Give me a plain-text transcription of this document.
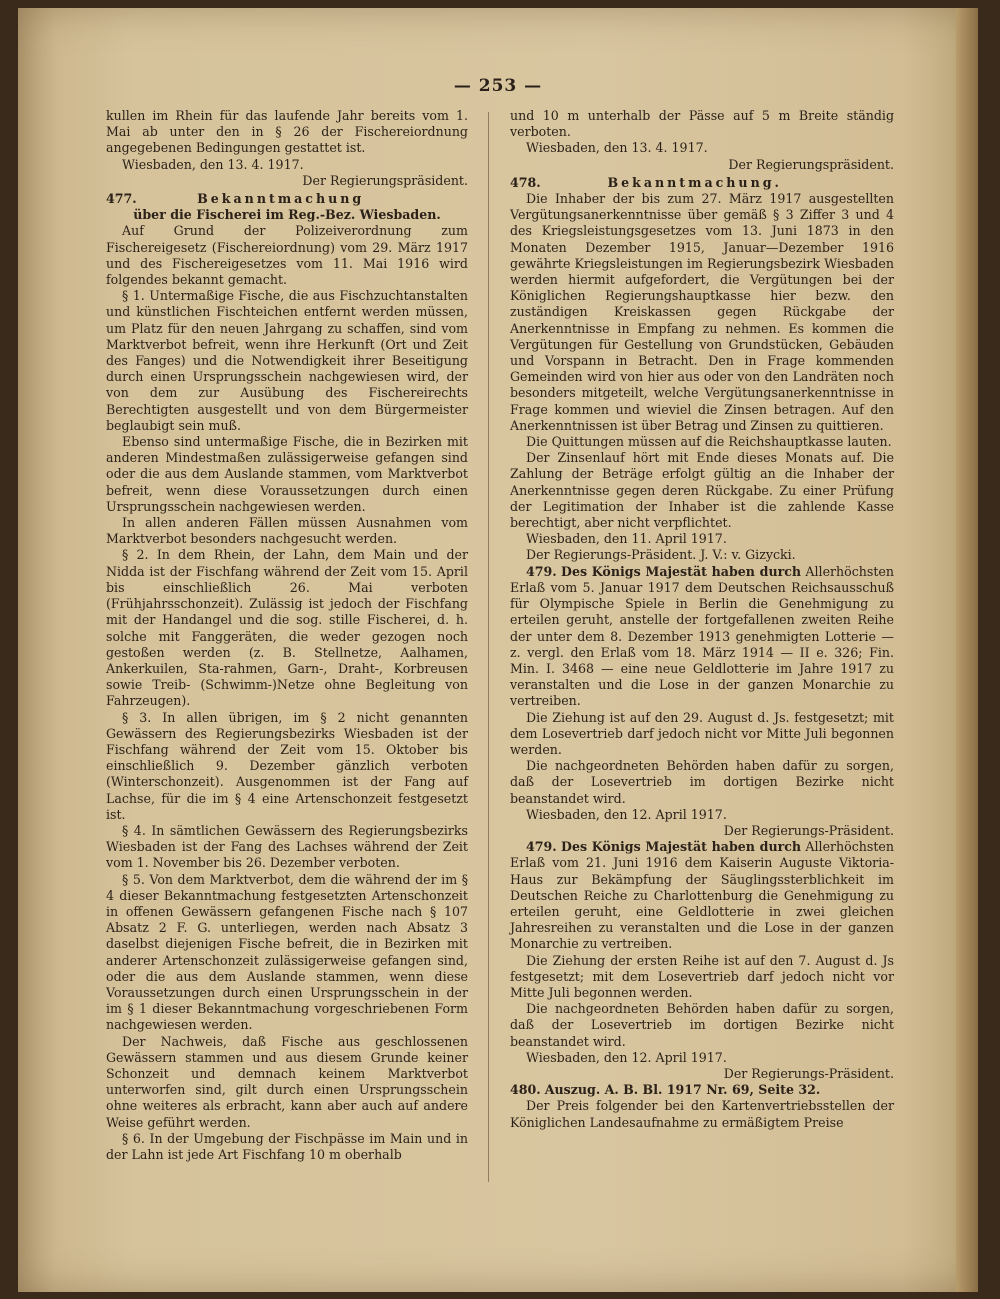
— 253 —

kullen im Rhein für das laufende Jahr bereits vom 1. Mai ab unter den in § 26 der Fischereiordnung angegebenen Bedingungen gestattet ist.

Wiesbaden, den 13. 4. 1917.

Der Regierungspräsident.

477.	Bekanntmachung

über die Fischerei im Reg.-Bez. Wiesbaden.

Auf Grund der Polizeiverordnung zum Fischereigesetz (Fischereiordnung) vom 29. März 1917 und des Fischereigesetzes vom 11. Mai 1916 wird folgendes bekannt gemacht.

§ 1. Untermaßige Fische, die aus Fischzuchtanstalten und künstlichen Fischteichen entfernt werden müssen, um Platz für den neuen Jahrgang zu schaffen, sind vom Marktverbot befreit, wenn ihre Herkunft (Ort und Zeit des Fanges) und die Notwendigkeit ihrer Beseitigung durch einen Ursprungsschein nachgewiesen wird, der von dem zur Ausübung des Fischereirechts Berechtigten ausgestellt und von dem Bürgermeister beglaubigt sein muß.

Ebenso sind untermaßige Fische, die in Bezirken mit anderen Mindestmaßen zulässigerweise gefangen sind oder die aus dem Auslande stammen, vom Marktverbot befreit, wenn diese Voraussetzungen durch einen Ursprungsschein nachgewiesen werden.

In allen anderen Fällen müssen Ausnahmen vom Marktverbot besonders nachgesucht werden.

§ 2. In dem Rhein, der Lahn, dem Main und der Nidda ist der Fischfang während der Zeit vom 15. April bis einschließlich 26. Mai verboten (Frühjahrsschonzeit). Zulässig ist jedoch der Fischfang mit der Handangel und die sog. stille Fischerei, d. h. solche mit Fanggeräten, die weder gezogen noch gestoßen werden (z. B. Stellnetze, Aalhamen, Ankerkuilen, Sta-rahmen, Garn-, Draht-, Korbreusen sowie Treib- (Schwimm-)Netze ohne Begleitung von Fahrzeugen).

§ 3. In allen übrigen, im § 2 nicht genannten Gewässern des Regierungsbezirks Wiesbaden ist der Fischfang während der Zeit vom 15. Oktober bis einschließlich 9. Dezember gänzlich verboten (Winterschonzeit). Ausgenommen ist der Fang auf Lachse, für die im § 4 eine Artenschonzeit festgesetzt ist.

§ 4. In sämtlichen Gewässern des Regierungsbezirks Wiesbaden ist der Fang des Lachses während der Zeit vom 1. November bis 26. Dezember verboten.

§ 5. Von dem Marktverbot, dem die während der im § 4 dieser Bekanntmachung festgesetzten Artenschonzeit in offenen Gewässern gefangenen Fische nach § 107 Absatz 2 F. G. unterliegen, werden nach Absatz 3 daselbst diejenigen Fische befreit, die in Bezirken mit anderer Artenschonzeit zulässigerweise gefangen sind, oder die aus dem Auslande stammen, wenn diese Voraussetzungen durch einen Ursprungsschein in der im § 1 dieser Bekanntmachung vorgeschriebenen Form nachgewiesen werden.

Der Nachweis, daß Fische aus geschlossenen Gewässern stammen und aus diesem Grunde keiner Schonzeit und demnach keinem Marktverbot unterworfen sind, gilt durch einen Ursprungsschein ohne weiteres als erbracht, kann aber auch auf andere Weise geführt werden.

§ 6. In der Umgebung der Fischpässe im Main und in der Lahn ist jede Art Fischfang 10 m oberhalb

und 10 m unterhalb der Pässe auf 5 m Breite ständig verboten.

Wiesbaden, den 13. 4. 1917.

Der Regierungspräsident.

478.	Bekanntmachung.

Die Inhaber der bis zum 27. März 1917 ausgestellten Vergütungsanerkenntnisse über gemäß § 3 Ziffer 3 und 4 des Kriegsleistungsgesetzes vom 13. Juni 1873 in den Monaten Dezember 1915, Januar—Dezember 1916 gewährte Kriegsleistungen im Regierungsbezirk Wiesbaden werden hiermit aufgefordert, die Vergütungen bei der Königlichen Regierungshauptkasse hier bezw. den zuständigen Kreiskassen gegen Rückgabe der Anerkenntnisse in Empfang zu nehmen. Es kommen die Vergütungen für Gestellung von Grundstücken, Gebäuden und Vorspann in Betracht. Den in Frage kommenden Gemeinden wird von hier aus oder von den Landräten noch besonders mitgeteilt, welche Vergütungsanerkenntnisse in Frage kommen und wieviel die Zinsen betragen. Auf den Anerkenntnissen ist über Betrag und Zinsen zu quittieren.

Die Quittungen müssen auf die Reichshauptkasse lauten.

Der Zinsenlauf hört mit Ende dieses Monats auf. Die Zahlung der Beträge erfolgt gültig an die Inhaber der Anerkenntnisse gegen deren Rückgabe. Zu einer Prüfung der Legitimation der Inhaber ist die zahlende Kasse berechtigt, aber nicht verpflichtet.

Wiesbaden, den 11. April 1917.

Der Regierungs-Präsident. J. V.: v. Gizycki.

479. Des Königs Majestät haben durch Allerhöchsten Erlaß vom 5. Januar 1917 dem Deutschen Reichsausschuß für Olympische Spiele in Berlin die Genehmigung zu erteilen geruht, anstelle der fortgefallenen zweiten Reihe der unter dem 8. Dezember 1913 genehmigten Lotterie — z. vergl. den Erlaß vom 18. März 1914 — II e. 326; Fin. Min. I. 3468 — eine neue Geldlotterie im Jahre 1917 zu veranstalten und die Lose in der ganzen Monarchie zu vertreiben.

Die Ziehung ist auf den 29. August d. Js. festgesetzt; mit dem Losevertrieb darf jedoch nicht vor Mitte Juli begonnen werden.

Die nachgeordneten Behörden haben dafür zu sorgen, daß der Losevertrieb im dortigen Bezirke nicht beanstandet wird.

Wiesbaden, den 12. April 1917.

Der Regierungs-Präsident.

479. Des Königs Majestät haben durch Allerhöchsten Erlaß vom 21. Juni 1916 dem Kaiserin Auguste Viktoria-Haus zur Bekämpfung der Säuglingssterblichkeit im Deutschen Reiche zu Charlottenburg die Genehmigung zu erteilen geruht, eine Geldlotterie in zwei gleichen Jahresreihen zu veranstalten und die Lose in der ganzen Monarchie zu vertreiben.

Die Ziehung der ersten Reihe ist auf den 7. August d. Js festgesetzt; mit dem Losevertrieb darf jedoch nicht vor Mitte Juli begonnen werden.

Die nachgeordneten Behörden haben dafür zu sorgen, daß der Losevertrieb im dortigen Bezirke nicht beanstandet wird.

Wiesbaden, den 12. April 1917.

Der Regierungs-Präsident.

480. Auszug. A. B. Bl. 1917 Nr. 69, Seite 32.

Der Preis folgender bei den Kartenvertriebsstellen der Königlichen Landesaufnahme zu ermäßigtem Preise
